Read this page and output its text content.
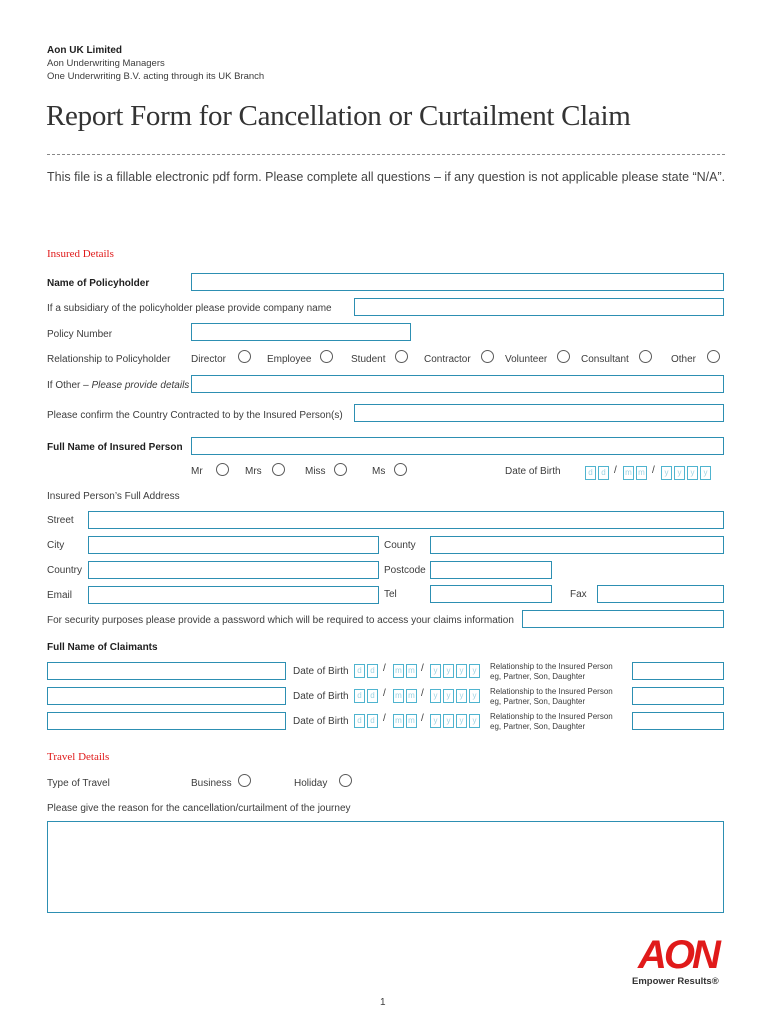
Aon UK Limited
Aon Underwriting Managers
One Underwriting B.V. acting through its UK Branch
Report Form for Cancellation or Curtailment Claim
This file is a fillable electronic pdf form. Please complete all questions – if any question is not applicable please state “N/A”.
Insured Details
Name of Policyholder
If a subsidiary of the policyholder please provide company name
Policy Number
Relationship to Policyholder Director	Employee	Student	Contractor	Volunteer	Consultant	Other
If Other – Please provide details
Please confirm the Country Contracted to by the Insured Person(s)
Full Name of Insured Person
Mr	Mrs	Miss	Ms	Date of Birth	d	d / m m /	y	y	y	y
Insured Person’s Full Address
Street
City	County
Country	Postcode
Email	Tel	Fax
For security purposes please provide a password which will be required to access your claims information
Full Name of Claimants
Date of Birth	d	d / m m /	y	y	y	y	Relationship to the Insured Person
eg, Partner, Son, Daughter
Date of Birth	d	d / m m /	y	y	y	y	Relationship to the Insured Person
eg, Partner, Son, Daughter
Date of Birth	d	d / m m /	y	y	y	y	Relationship to the Insured Person
eg, Partner, Son, Daughter
Travel Details
Type of Travel	Business	Holiday
Please give the reason for the cancellation/curtailment of the journey
AON
Empower Results®
1
